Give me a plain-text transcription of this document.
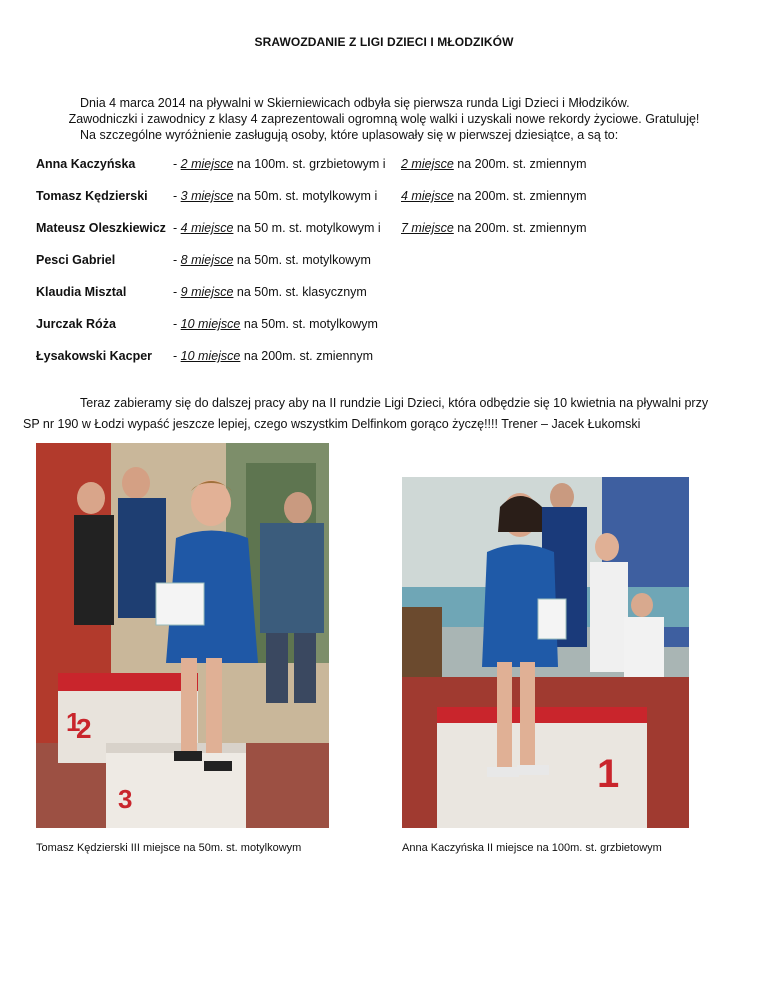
SRAWOZDANIE Z LIGI DZIECI I MŁODZIKÓW

Dnia 4 marca 2014 na pływalni w Skierniewicach odbyła się pierwsza runda Ligi Dzieci i Młodzików.

Zawodniczki i zawodnicy z klasy 4 zaprezentowali ogromną wolę walki i uzyskali nowe rekordy życiowe. Gratuluję!

Na szczególne wyróżnienie zasługują osoby, które uplasowały się w pierwszej dziesiątce, a są to:

Anna Kaczyńska	- 2 miejsce na 100m. st. grzbietowym i 2 miejsce na 200m. st. zmiennym
Tomasz Kędzierski - 3 miejsce na 50m. st. motylkowym i 4 miejsce na 200m. st. zmiennym
Mateusz Oleszkiewicz - 4 miejsce na 50 m. st. motylkowym i 7 miejsce na 200m. st. zmiennym
Pesci Gabriel	- 8 miejsce na 50m. st. motylkowym
Klaudia Misztal	- 9 miejsce na 50m. st. klasycznym
Jurczak Róża	- 10 miejsce na 50m. st. motylkowym
Łysakowski Kacper - 10 miejsce na 200m. st. zmiennym
Teraz zabieramy się do dalszej pracy aby na II rundzie Ligi Dzieci, która odbędzie się 10 kwietnia na pływalni przy
SP nr 190 w Łodzi wypaść jeszcze lepiej, czego wszystkim Delfinkom gorąco życzę!!!! Trener – Jacek Łukomski
2
1
3
1
Tomasz Kędzierski III miejsce na 50m. st. motylkowym	Anna Kaczyńska II miejsce na 100m. st. grzbietowym
